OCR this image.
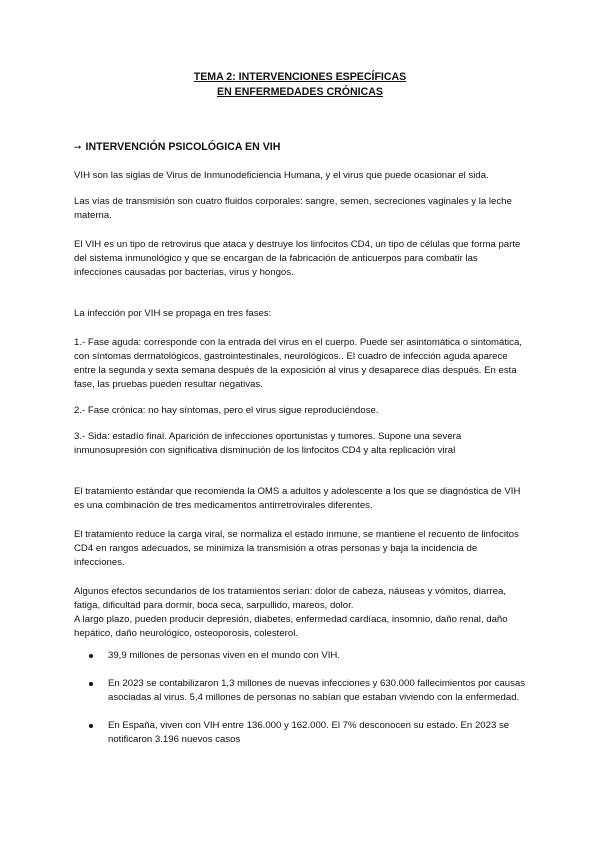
TEMA 2: INTERVENCIONES ESPECÍFICAS
EN ENFERMEDADES CRÓNICAS
➙ INTERVENCIÓN PSICOLÓGICA EN VIH

VIH son las siglas de Virus de Inmunodeficiencia Humana, y el virus que puede ocasionar el sida.

Las vías de transmisión son cuatro fluidos corporales: sangre, semen, secreciones vaginales y la leche materna.

El VIH es un tipo de retrovirus que ataca y destruye los linfocitos CD4, un tipo de células que forma parte del sistema inmunológico y que se encargan de la fabricación de anticuerpos para combatir las infecciones causadas por bacterias, virus y hongos.

La infección por VIH se propaga en tres fases:

1.- Fase aguda: corresponde con la entrada del virus en el cuerpo. Puede ser asintomática o sintomática, con síntomas dermatológicos, gastrointestinales, neurológicos.. El cuadro de infección aguda aparece entre la segunda y sexta semana después de la exposición al virus y desaparece días después. En esta fase, las pruebas pueden resultar negativas.

2.- Fase crónica: no hay síntomas, pero el virus sigue reproduciéndose.

3.- Sida: estadío final. Aparición de infecciones oportunistas y tumores. Supone una severa inmunosupresión con significativa disminución de los linfocitos CD4 y alta replicación viral

El tratamiento estándar que recomienda la OMS a adultos y adolescente a los que se diagnóstica de VIH es una combinación de tres medicamentos antirretrovirales diferentes.

El tratamiento reduce la carga viral, se normaliza el estado inmune, se mantiene el recuento de linfocitos CD4 en rangos adecuados, se minimiza la transmisión a otras personas y baja la incidencia de infecciones.

Algunos efectos secundarios de los tratamientos serían: dolor de cabeza, náuseas y vómitos, diarrea, fatiga, dificultad para dormir, boca seca, sarpullido, mareos, dolor.
A largo plazo, pueden producir depresión, diabetes, enfermedad cardíaca, insomnio, daño renal, daño hepático, daño neurológico, osteoporosis, colesterol.

39,9 millones de personas viven en el mundo con VIH.
En 2023 se contabilizaron 1,3 millones de nuevas infecciones y 630.000 fallecimientos por causas asociadas al virus. 5,4 millones de personas no sabían que estaban viviendo con la enfermedad.
En España, viven con VIH entre 136.000 y 162.000. El 7% desconocen su estado. En 2023 se notificaron 3.196 nuevos casos
